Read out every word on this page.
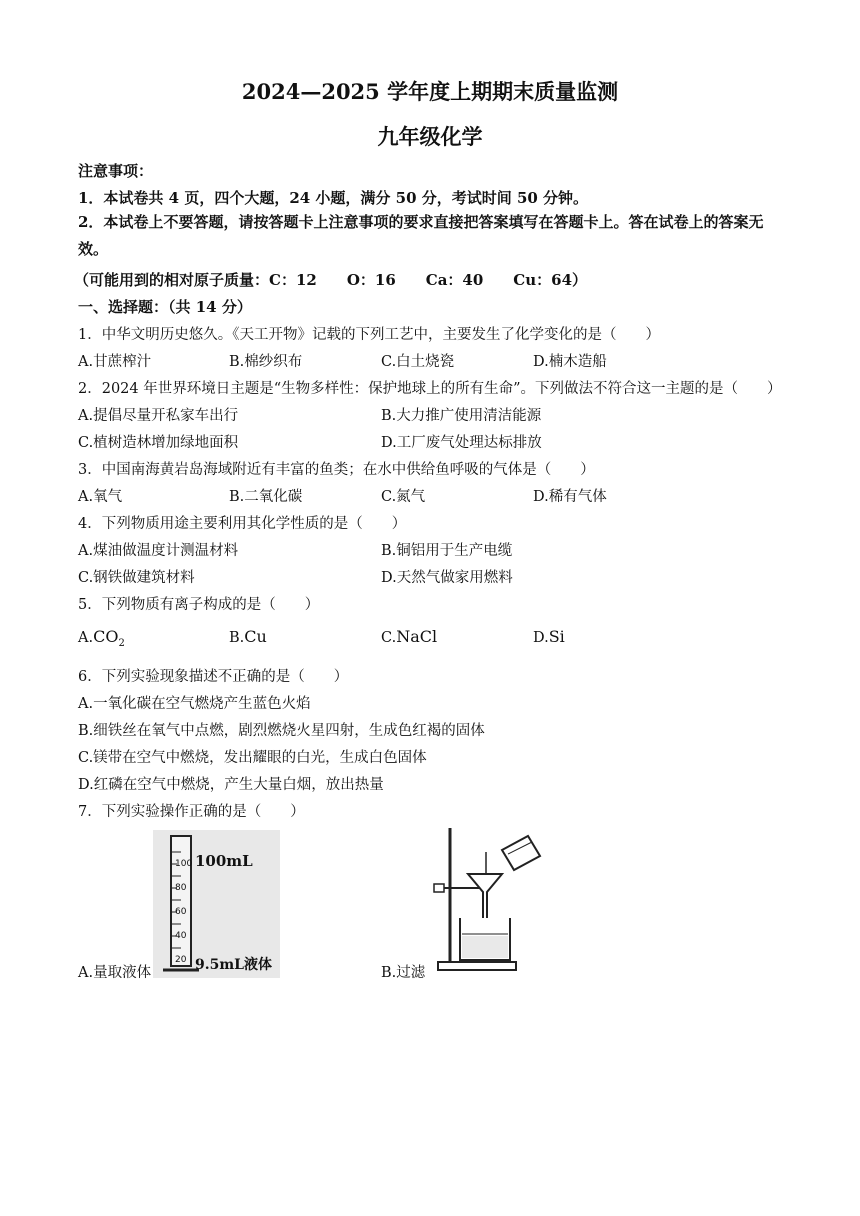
2024—2025 学年度上期期末质量监测
九年级化学
注意事项：
1．本试卷共 4 页，四个大题，24 小题，满分 50 分，考试时间 50 分钟。
2．本试卷上不要答题，请按答题卡上注意事项的要求直接把答案填写在答题卡上。答在试卷上的答案无效。
（可能用到的相对原子质量：C：12　　O：16　　Ca：40　　Cu：64）
一、选择题：（共 14 分）
1．中华文明历史悠久。《天工开物》记载的下列工艺中，主要发生了化学变化的是（　　）
A.甘蔗榨汁	B.棉纱织布	C.白土烧瓷	D.楠木造船
2．2024 年世界环境日主题是“生物多样性：保护地球上的所有生命”。下列做法不符合这一主题的是（　　）
A.提倡尽量开私家车出行	B.大力推广使用清洁能源
C.植树造林增加绿地面积	D.工厂废气处理达标排放
3．中国南海黄岩岛海域附近有丰富的鱼类；在水中供给鱼呼吸的气体是（　　）
A.氧气	B.二氧化碳	C.氮气	D.稀有气体
4．下列物质用途主要利用其化学性质的是（　　）
A.煤油做温度计测温材料	B.铜铝用于生产电缆
C.钢铁做建筑材料	D.天然气做家用燃料
5．下列物质有离子构成的是（　　）
$A.CO_2$	B.Cu	C.NaCl	D.Si
6．下列实验现象描述不正确的是（　　）
A.一氧化碳在空气燃烧产生蓝色火焰
B.细铁丝在氧气中点燃，剧烈燃烧火星四射，生成色红褐的固体
C.镁带在空气中燃烧，发出耀眼的白光，生成白色固体
D.红磷在空气中燃烧，产生大量白烟，放出热量
7．下列实验操作正确的是（　　）
A.量取液体	B.过滤
100
80
60
40
20
100mL
9.5mL液体
